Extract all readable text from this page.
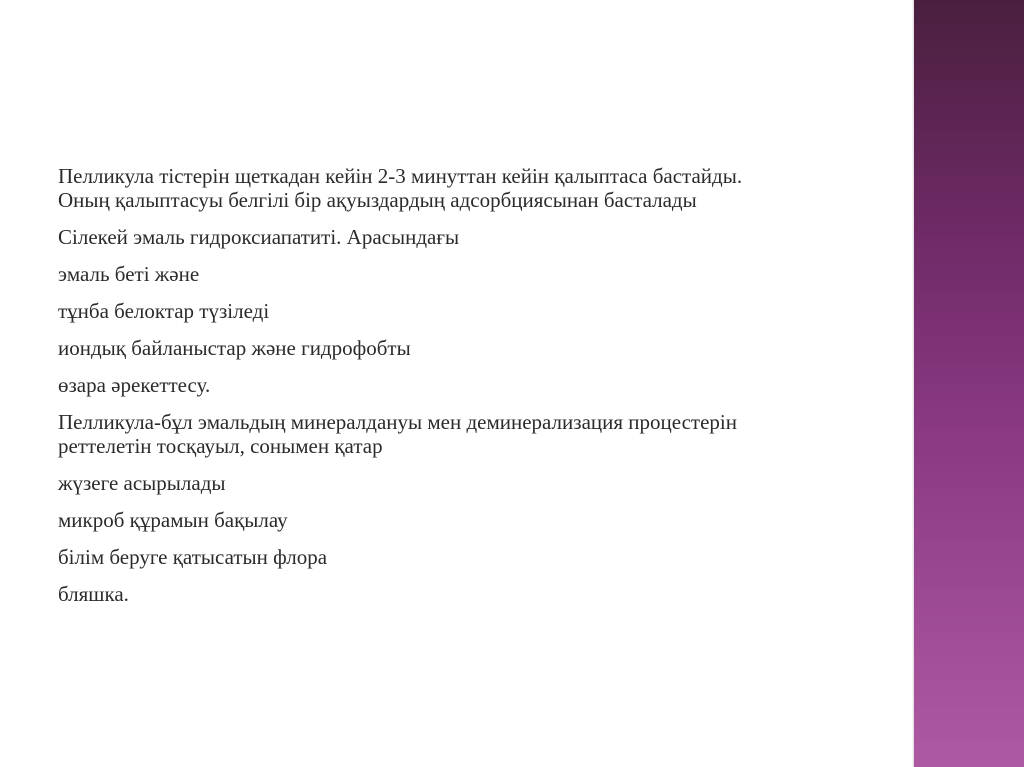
Пелликула тістерін щеткадан кейін 2-3 минуттан кейін қалыптаса бастайды.
Оның қалыптасуы белгілі бір ақуыздардың адсорбциясынан басталады
Сілекей эмаль гидроксиапатиті. Арасындағы
эмаль беті және
тұнба белоктар түзіледі
иондық байланыстар және гидрофобты
өзара әрекеттесу.
Пелликула-бұл эмальдың минералдануы мен деминерализация процестерін
реттелетін тосқауыл, сонымен қатар
жүзеге асырылады
микроб құрамын бақылау
білім беруге қатысатын флора
бляшка.
